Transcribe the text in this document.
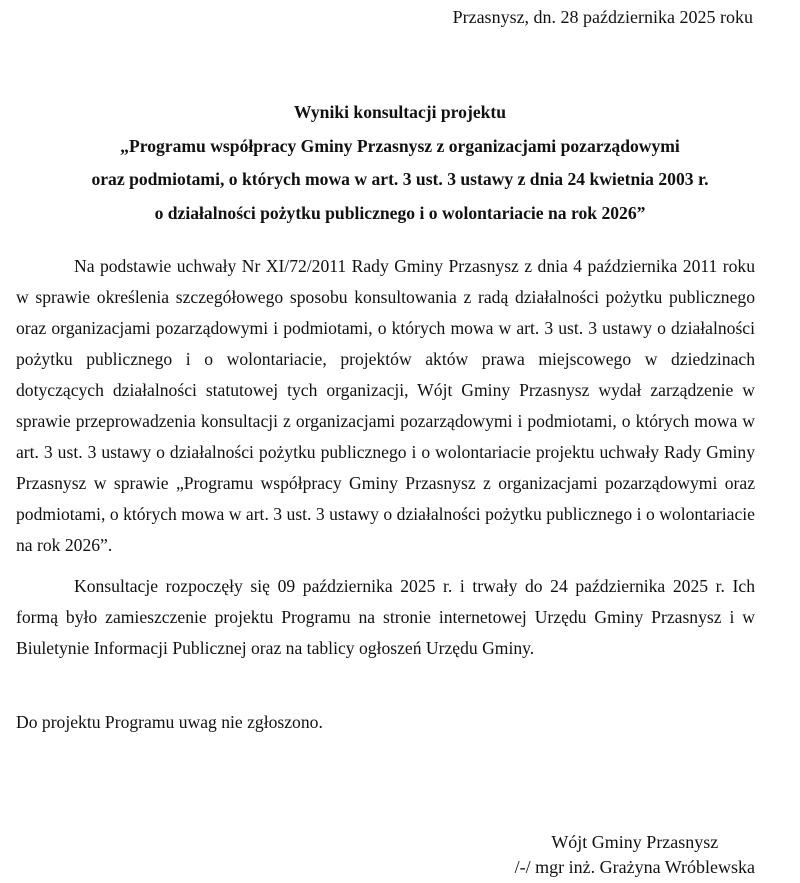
Przasnysz, dn. 28 października 2025 roku
Wyniki konsultacji projektu
„Programu współpracy Gminy Przasnysz z organizacjami pozarządowymi
oraz podmiotami, o których mowa w art. 3 ust. 3 ustawy z dnia 24 kwietnia 2003 r.
o działalności pożytku publicznego i o wolontariacie na rok 2026”
Na podstawie uchwały Nr XI/72/2011 Rady Gminy Przasnysz z dnia 4 października 2011 roku w sprawie określenia szczegółowego sposobu konsultowania z radą działalności pożytku publicznego oraz organizacjami pozarządowymi i podmiotami, o których mowa w art. 3 ust. 3 ustawy o działalności pożytku publicznego i o wolontariacie, projektów aktów prawa miejscowego w dziedzinach dotyczących działalności statutowej tych organizacji, Wójt Gminy Przasnysz wydał zarządzenie w sprawie przeprowadzenia konsultacji z organizacjami pozarządowymi i podmiotami, o których mowa w art. 3 ust. 3 ustawy o działalności pożytku publicznego i o wolontariacie projektu uchwały Rady Gminy Przasnysz w sprawie „Programu współpracy Gminy Przasnysz z organizacjami pozarządowymi oraz podmiotami, o których mowa w art. 3 ust. 3 ustawy o działalności pożytku publicznego i o wolontariacie na rok 2026”.
Konsultacje rozpoczęły się 09 października 2025 r. i trwały do 24 października 2025 r. Ich formą było zamieszczenie projektu Programu na stronie internetowej Urzędu Gminy Przasnysz i w Biuletynie Informacji Publicznej oraz na tablicy ogłoszeń Urzędu Gminy.
Do projektu Programu uwag nie zgłoszono.
Wójt Gminy Przasnysz
/-/ mgr inż. Grażyna Wróblewska
